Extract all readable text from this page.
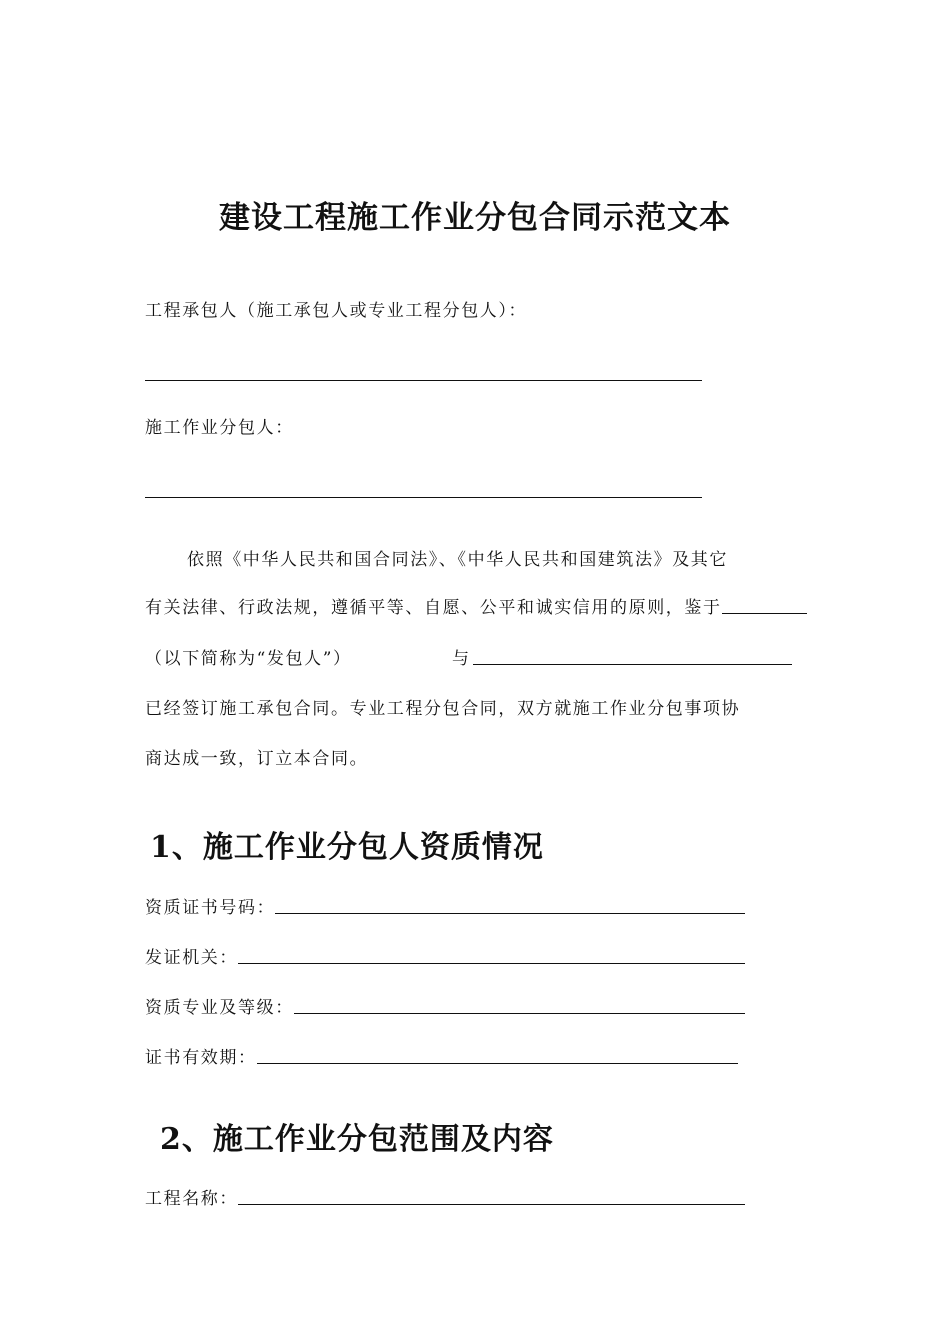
建设工程施工作业分包合同示范文本
工程承包人（施工承包人或专业工程分包人）：
施工作业分包人：
依照《中华人民共和国合同法》、《中华人民共和国建筑法》及其它
有关法律、行政法规，遵循平等、自愿、公平和诚实信用的原则，鉴于
（以下简称为“发包人”）	与
已经签订施工承包合同。专业工程分包合同，双方就施工作业分包事项协
商达成一致，订立本合同。
1、施工作业分包人资质情况
资质证书号码：
发证机关：
资质专业及等级：
证书有效期：
2、施工作业分包范围及内容
工程名称：
